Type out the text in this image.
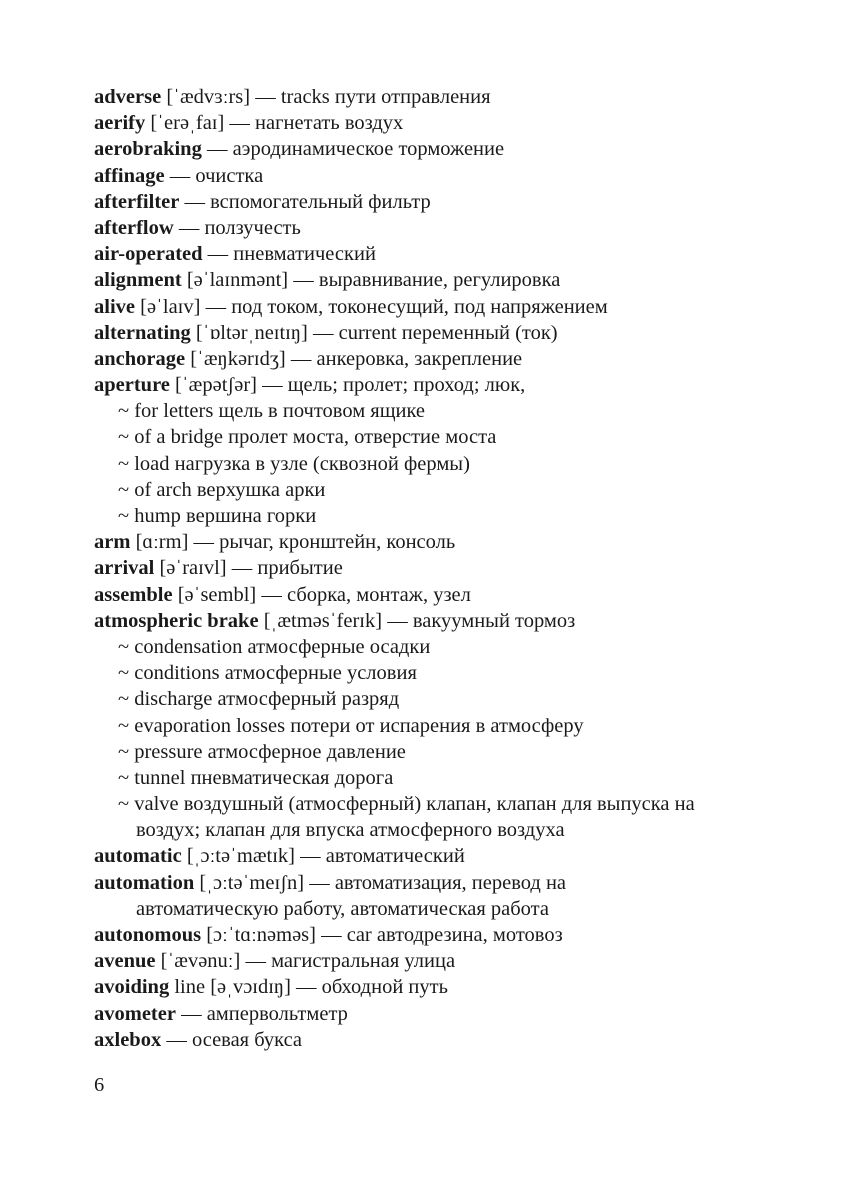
adverse [ˈædvɜːrs] — tracks пути отправления
aerify [ˈerəˌfaɪ] — нагнетать воздух
aerobraking — аэродинамическое торможение
affinage — очистка
afterfilter — вспомогательный фильтр
afterflow — ползучесть
air-operated — пневматический
alignment [əˈlaɪnmənt] — выравнивание, регулировка
alive [əˈlaɪv] — под током, токонесущий, под напряжением
alternating [ˈɒltərˌneɪtɪŋ] — current переменный (ток)
anchorage [ˈæŋkərɪdʒ] — анкеровка, закрепление
aperture [ˈæpətʃər] — щель; пролет; проход; люк,
~ for letters щель в почтовом ящике
~ of a bridge пролет моста, отверстие моста
~ load нагрузка в узле (сквозной фермы)
~ of arch верхушка арки
~ hump вершина горки
arm [ɑːrm] — рычаг, кронштейн, консоль
arrival [əˈraɪvl] — прибытие
assemble [əˈsembl] — сборка, монтаж, узел
atmospheric brake [ˌætməsˈferɪk] — вакуумный тормоз
~ condensation атмосферные осадки
~ conditions атмосферные условия
~ discharge атмосферный разряд
~ evaporation losses потери от испарения в атмосферу
~ pressure атмосферное давление
~ tunnel пневматическая дорога
~ valve воздушный (атмосферный) клапан, клапан для выпуска на
воздух; клапан для впуска атмосферного воздуха
automatic [ˌɔːtəˈmætɪk] — автоматический
automation [ˌɔːtəˈmeɪʃn] — автоматизация, перевод на
автоматическую работу, автоматическая работа
autonomous [ɔːˈtɑːnəməs] — car автодрезина, мотовоз
avenue [ˈævənuː] — магистральная улица
avoiding line [əˌvɔɪdɪŋ] — обходной путь
avometer — ампервольтметр
axlebox — осевая букса
6
